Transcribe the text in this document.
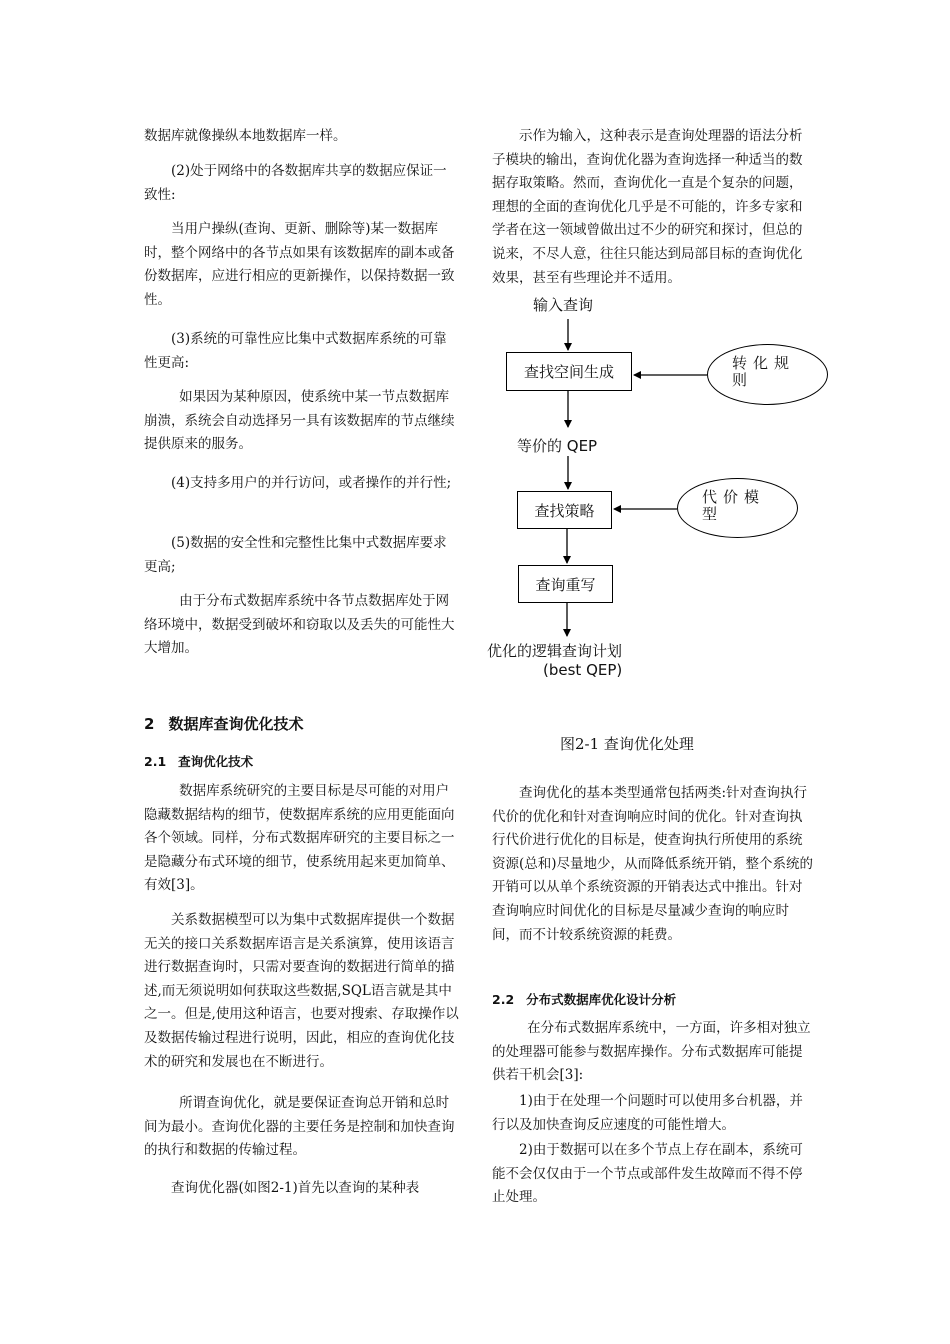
数据库就像操纵本地数据库一样。

(2)处于网络中的各数据库共享的数据应保证一致性:

当用户操纵(查询、更新、删除等)某一数据库时，整个网络中的各节点如果有该数据库的副本或备份数据库，应进行相应的更新操作，以保持数据一致性。

(3)系统的可靠性应比集中式数据库系统的可靠性更高:

如果因为某种原因，使系统中某一节点数据库崩溃，系统会自动选择另一具有该数据库的节点继续提供原来的服务。

(4)支持多用户的并行访问，或者操作的并行性;

(5)数据的安全性和完整性比集中式数据库要求更高;

由于分布式数据库系统中各节点数据库处于网络环境中，数据受到破坏和窃取以及丢失的可能性大大增加。

2 数据库查询优化技术
2.1 查询优化技术

数据库系统研究的主要目标是尽可能的对用户隐藏数据结构的细节，使数据库系统的应用更能面向各个领域。同样，分布式数据库研究的主要目标之一是隐藏分布式环境的细节，使系统用起来更加简单、有效[3]。

关系数据模型可以为集中式数据库提供一个数据无关的接口关系数据库语言是关系演算，使用该语言进行数据查询时，只需对要查询的数据进行简单的描述,而无须说明如何获取这些数据,SQL语言就是其中之一。但是,使用这种语言，也要对搜索、存取操作以及数据传输过程进行说明，因此，相应的查询优化技术的研究和发展也在不断进行。

所谓查询优化，就是要保证查询总开销和总时间为最小。查询优化器的主要任务是控制和加快查询的执行和数据的传输过程。

查询优化器(如图2-1)首先以查询的某种表

示作为输入，这种表示是查询处理器的语法分析子模块的输出，查询优化器为查询选择一种适当的数据存取策略。然而，查询优化一直是个复杂的问题，理想的全面的查询优化几乎是不可能的，许多专家和学者在这一领域曾做出过不少的研究和探讨，但总的说来，不尽人意，往往只能达到局部目标的查询优化效果，甚至有些理论并不适用。

输入查询
查找空间生成	转化规则
等价的 QEP
查找策略
代价模型
查询重写
优化的逻辑查询计划
(best QEP)
图2-1 查询优化处理

查询优化的基本类型通常包括两类:针对查询执行代价的优化和针对查询响应时间的优化。针对查询执行代价进行优化的目标是，使查询执行所使用的系统资源(总和)尽量地少，从而降低系统开销，整个系统的开销可以从单个系统资源的开销表达式中推出。针对查询响应时间优化的目标是尽量减少查询的响应时间，而不计较系统资源的耗费。

2.2 分布式数据库优化设计分析

在分布式数据库系统中，一方面，许多相对独立的处理器可能参与数据库操作。分布式数据库可能提供若干机会[3]:

1)由于在处理一个问题时可以使用多台机器，并行以及加快查询反应速度的可能性增大。

2)由于数据可以在多个节点上存在副本，系统可能不会仅仅由于一个节点或部件发生故障而不得不停止处理。
